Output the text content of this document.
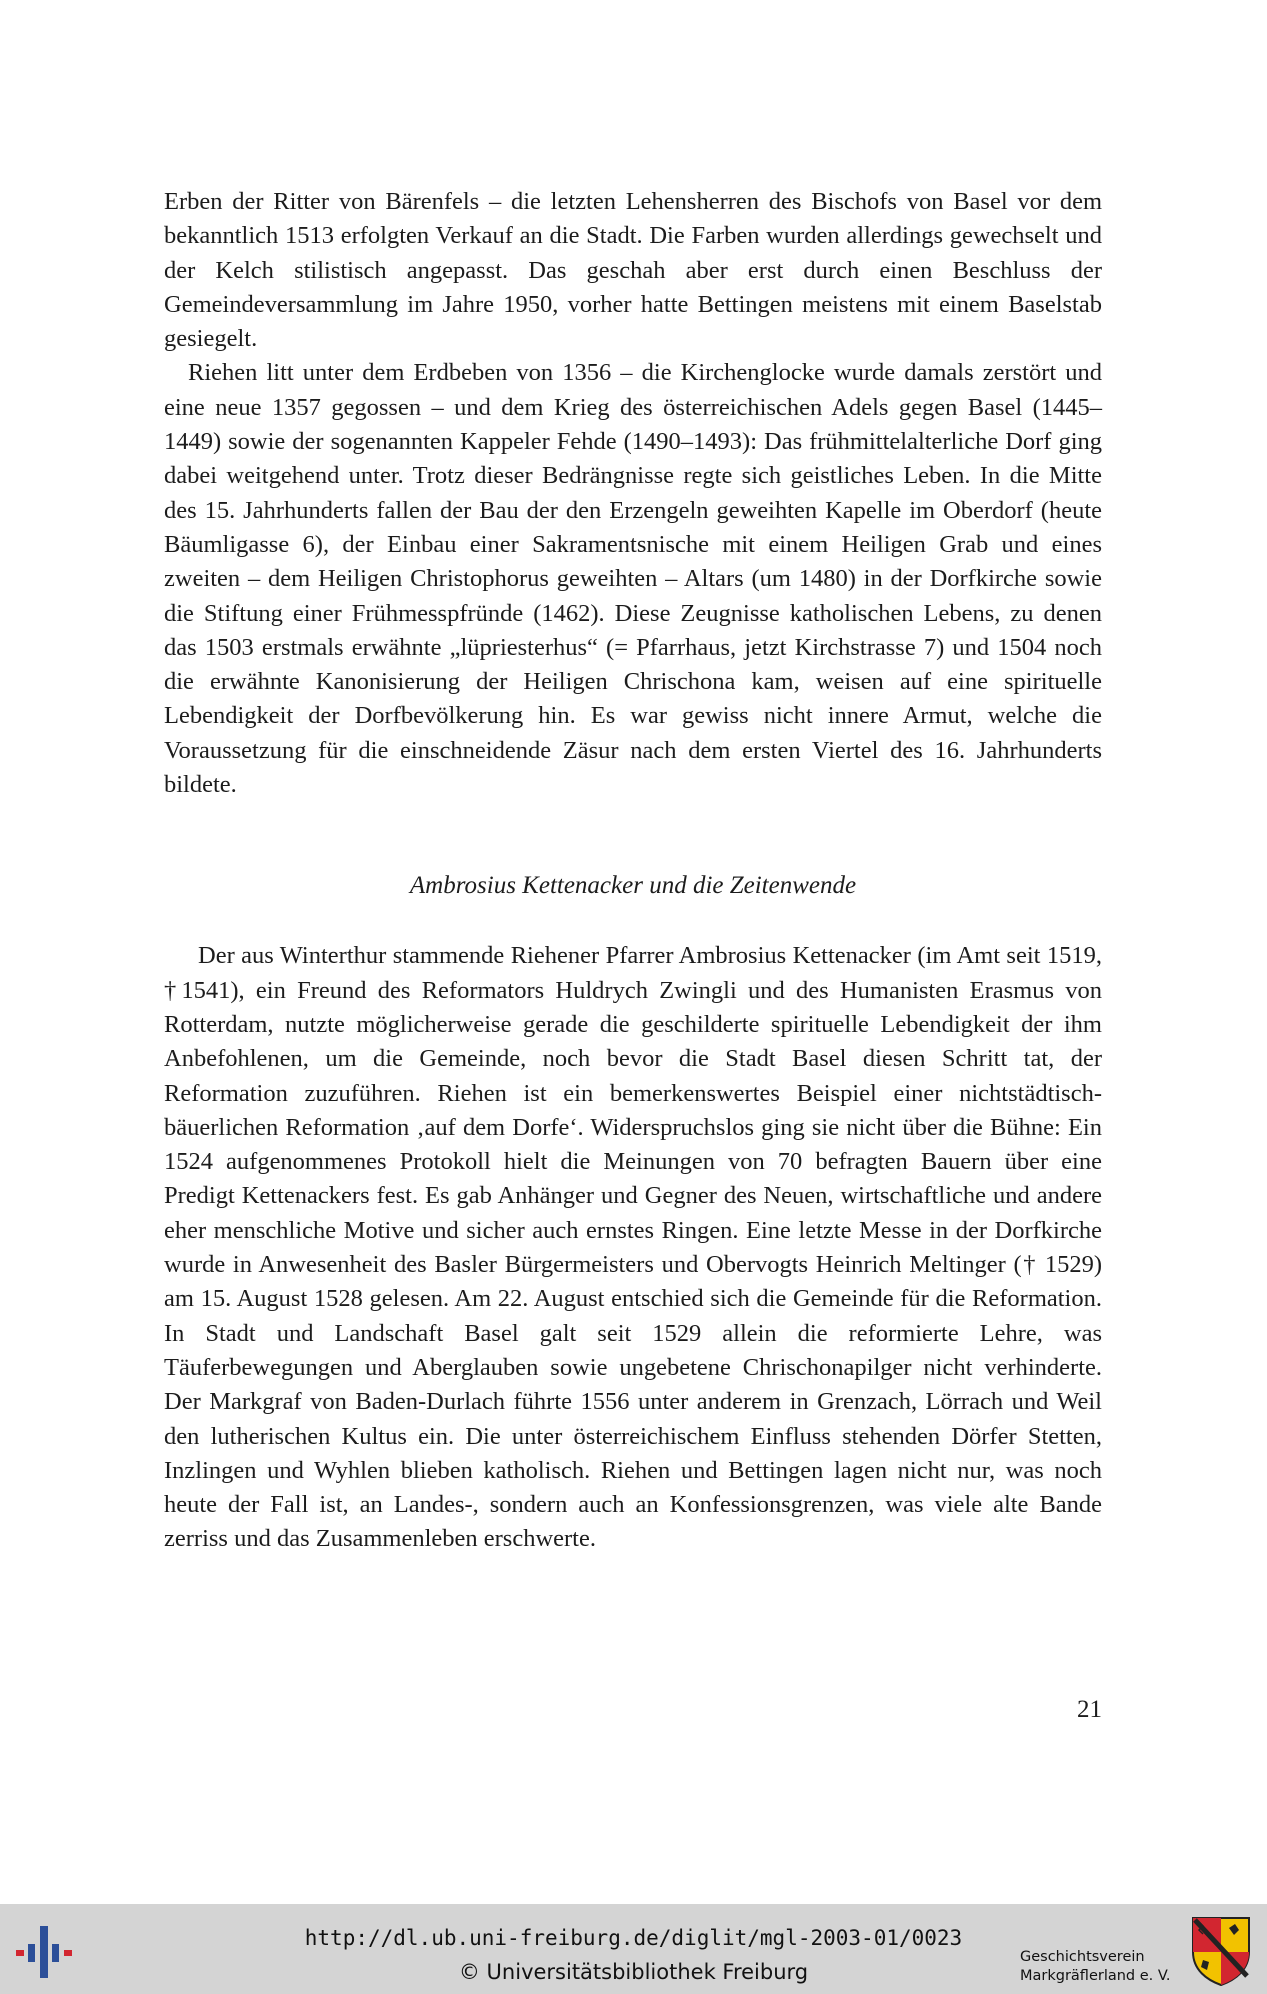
Erben der Ritter von Bärenfels – die letzten Lehensherren des Bischofs von Basel vor dem bekanntlich 1513 erfolgten Verkauf an die Stadt. Die Farben wurden allerdings gewechselt und der Kelch stilistisch angepasst. Das geschah aber erst durch einen Beschluss der Gemeindeversammlung im Jahre 1950, vorher hatte Bettingen meistens mit einem Baselstab gesiegelt.

Riehen litt unter dem Erdbeben von 1356 – die Kirchenglocke wurde damals zerstört und eine neue 1357 gegossen – und dem Krieg des österreichischen Adels gegen Basel (1445–1449) sowie der sogenannten Kappeler Fehde (1490–1493): Das frühmittelalterliche Dorf ging dabei weitgehend unter. Trotz dieser Bedrängnisse regte sich geistliches Leben. In die Mitte des 15. Jahrhunderts fallen der Bau der den Erzengeln geweihten Kapelle im Oberdorf (heute Bäumligasse 6), der Einbau einer Sakramentsnische mit einem Heiligen Grab und eines zweiten – dem Heiligen Christophorus geweihten – Altars (um 1480) in der Dorfkirche sowie die Stiftung einer Frühmesspfründe (1462). Diese Zeugnisse katholischen Lebens, zu denen das 1503 erstmals erwähnte „lüpriesterhus“ (= Pfarrhaus, jetzt Kirchstrasse 7) und 1504 noch die erwähnte Kanonisierung der Heiligen Chrischona kam, weisen auf eine spirituelle Lebendigkeit der Dorfbevölkerung hin. Es war gewiss nicht innere Armut, welche die Voraussetzung für die einschneidende Zäsur nach dem ersten Viertel des 16. Jahrhunderts bildete.

Ambrosius Kettenacker und die Zeitenwende

Der aus Winterthur stammende Riehener Pfarrer Ambrosius Kettenacker (im Amt seit 1519, †1541), ein Freund des Reformators Huldrych Zwingli und des Humanisten Erasmus von Rotterdam, nutzte möglicherweise gerade die geschilderte spirituelle Lebendigkeit der ihm Anbefohlenen, um die Gemeinde, noch bevor die Stadt Basel diesen Schritt tat, der Reformation zuzuführen. Riehen ist ein bemerkenswertes Beispiel einer nichtstädtisch-bäuerlichen Reformation ‚auf dem Dorfe‘. Widerspruchslos ging sie nicht über die Bühne: Ein 1524 aufgenommenes Protokoll hielt die Meinungen von 70 befragten Bauern über eine Predigt Kettenackers fest. Es gab Anhänger und Gegner des Neuen, wirtschaftliche und andere eher menschliche Motive und sicher auch ernstes Ringen. Eine letzte Messe in der Dorfkirche wurde in Anwesenheit des Basler Bürgermeisters und Obervogts Heinrich Meltinger († 1529) am 15. August 1528 gelesen. Am 22. August entschied sich die Gemeinde für die Reformation. In Stadt und Landschaft Basel galt seit 1529 allein die reformierte Lehre, was Täuferbewegungen und Aberglauben sowie ungebetene Chrischonapilger nicht verhinderte. Der Markgraf von Baden-Durlach führte 1556 unter anderem in Grenzach, Lörrach und Weil den lutherischen Kultus ein. Die unter österreichischem Einfluss stehenden Dörfer Stetten, Inzlingen und Wyhlen blieben katholisch. Riehen und Bettingen lagen nicht nur, was noch heute der Fall ist, an Landes-, sondern auch an Konfessionsgrenzen, was viele alte Bande zerriss und das Zusammenleben erschwerte.

21
http://dl.ub.uni-freiburg.de/diglit/mgl-2003-01/0023
© Universitätsbibliothek Freiburg
Geschichtsverein
Markgräflerland e. V.
